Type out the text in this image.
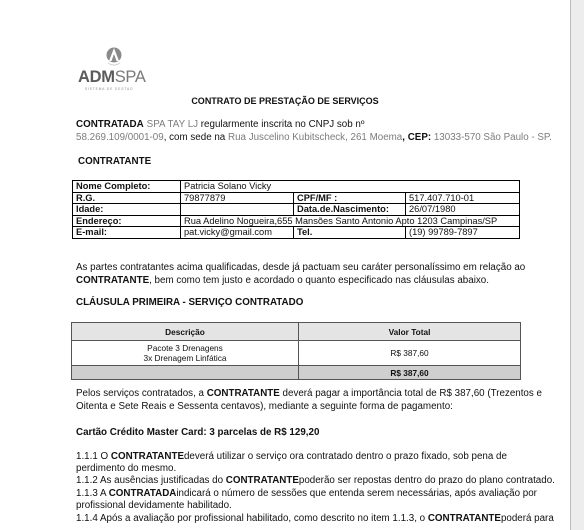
ADMSPA
SISTEMA DE GESTAO
CONTRATO DE PRESTAÇÃO DE SERVIÇOS
CONTRATADA SPA TAY LJ regularmente inscrita no CNPJ sob nº
58.269.109/0001-09, com sede na Rua Juscelino Kubitscheck, 261 Moema, CEP: 13033-570 São Paulo - SP.
CONTRATANTE
Nome Completo:	Patricia Solano Vicky		
R.G.	79877879	CPF/MF :	517.407.710-01
Idade:		Data.de.Nascimento:	26/07/1980
Endereço:	Rua Adelino Nogueira,655 Mansões Santo Antonio Apto 1203 Campinas/SP		
E-mail:	pat.vicky@gmail.com	Tel.	(19) 99789-7897
As partes contratantes acima qualificadas, desde já pactuam seu caráter personalíssimo em relação ao
CONTRATANTE, bem como tem justo e acordado o quanto especificado nas cláusulas abaixo.
CLÁUSULA PRIMEIRA - SERVIÇO CONTRATADO
Descrição	Valor Total

Pacote 3 Drenagens
3x Drenagem Linfática	R$ 387,60
	R$ 387,60
Pelos serviços contratados, a CONTRATANTE deverá pagar a importância total de R$ 387,60 (Trezentos e
Oitenta e Sete Reais e Sessenta centavos), mediante a seguinte forma de pagamento:
Cartão Crédito Master Card: 3 parcelas de R$ 129,20
1.1.1 O CONTRATANTEdeverá utilizar o serviço ora contratado dentro o prazo fixado, sob pena de
perdimento do mesmo.
1.1.2 As ausências justificadas do CONTRATANTEpoderão ser repostas dentro do prazo do plano contratado.
1.1.3 A CONTRATADAindicará o número de sessões que entenda serem necessárias, após avaliação por
profissional devidamente habilitado.
1.1.4 Após a avaliação por profissional habilitado, como descrito no item 1.1.3, o CONTRATANTEpoderá para
